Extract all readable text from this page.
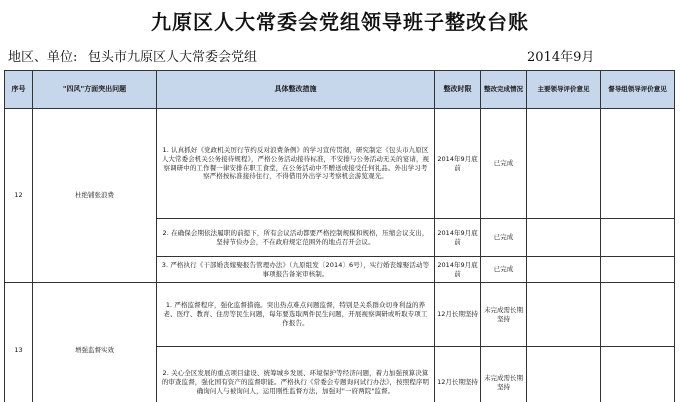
九原区人大常委会党组领导班子整改台账
地区、单位: 包头市九原区人大常委会党组	2014年9月
序号	"四风"方面突出问题	具体整改措施	整改时限	整改完成情况	主要领导评价意见	督导组领导评价意见
12	杜绝铺张浪费	1. 认真抓好《党政机关厉行节约反对浪费条例》的学习宣传贯彻，研究制定《包头市九原区人大常委会机关公务接待规程》，严格公务活动接待标准，不安排与公务活动无关的宴请，视察调研中的工作餐一律安排在职工食堂，在公务活动中不赠送或接受任何礼品。外出学习考察严格按标准接待住行，不得借用外出学习考察机会游览观光。	2014年9月底前	已完成		
		2. 在确保会期依法履职的前提下，所有会议活动都要严格控制规模和规格，压缩会议支出，坚持节俭办会，不在政府规定范围外的地点召开会议。	2014年9月底前	已完成		
		3. 严格执行《干部婚丧嫁娶报告管理办法》（九原组发〔2014〕6号），实行婚丧嫁娶活动等事项报告备案审核制。	2014年9月底前	已完成		
13	增强监督实效	1. 严格监督程序，强化监督措施。突出热点难点问题监督，特别是关系群众切身利益的养老、医疗、教育、住房等民生问题，每年要选取两件民生问题，开展视察调研或听取专项工作报告。	12月长期坚持	未完成需长期坚持		
		2. 关心全区发展的重点项目建设、统筹城乡发展、环境保护等经济问题，着力加强预算决算的审查监督，强化国有资产的监督职能。严格执行《常委会专题询问试行办法》，按照程序明确询问人与被询问人，运用刚性监督方法，加强对"一府两院"监督。	12月长期坚持	未完成需长期坚持		
